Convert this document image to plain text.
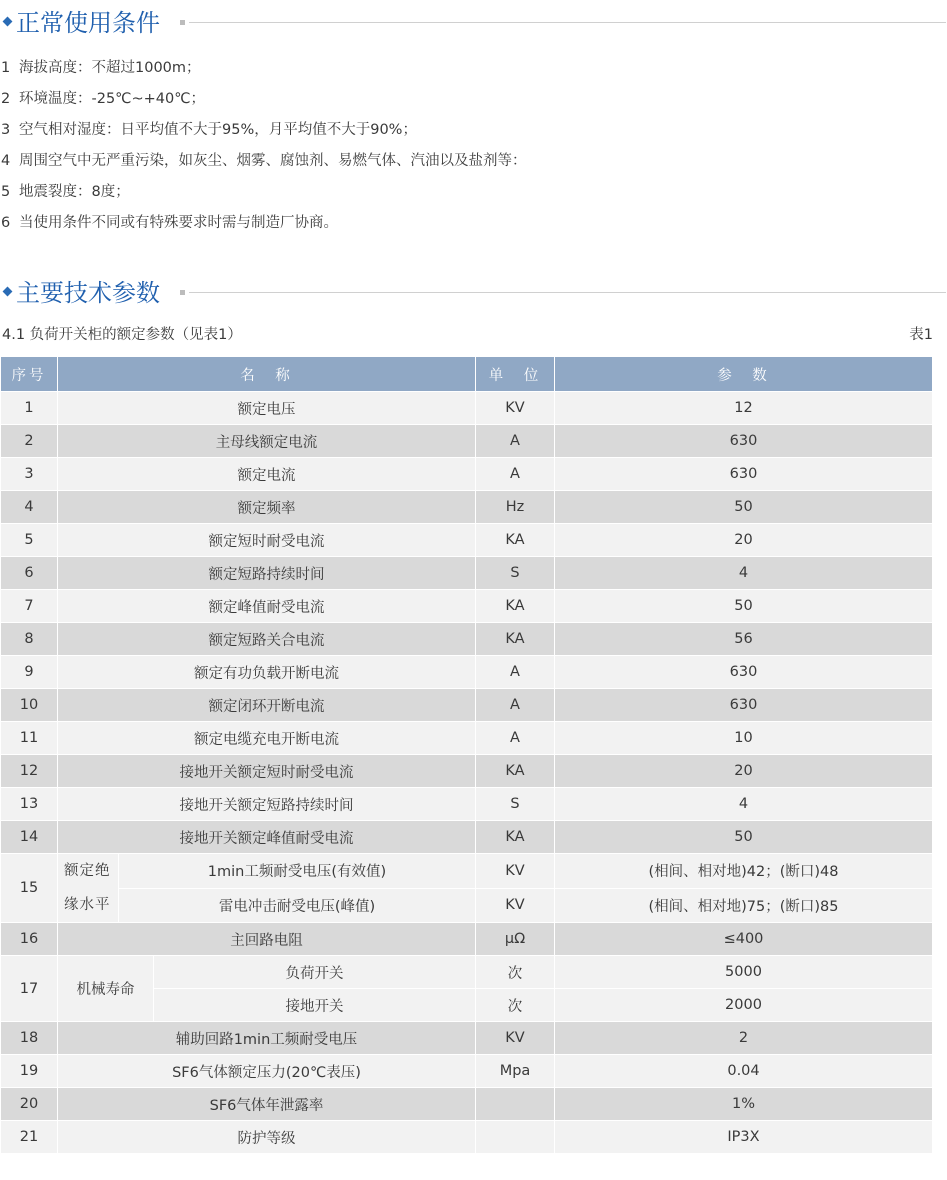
正常使用条件
1 海拔高度：不超过1000m；
2 环境温度：-25℃~+40℃；
3 空气相对湿度：日平均值不大于95%，月平均值不大于90%；
4 周围空气中无严重污染，如灰尘、烟雾、腐蚀剂、易燃气体、汽油以及盐剂等：
5 地震裂度：8度；
6 当使用条件不同或有特殊要求时需与制造厂协商。
主要技术参数
4.1 负荷开关柜的额定参数（见表1）	表1
序号	名　称			单　位	参　数
1	额定电压			KV	12
2	主母线额定电流			A	630
3	额定电流			A	630
4	额定频率			Hz	50
5	额定短时耐受电流			KA	20
6	额定短路持续时间			S	4
7	额定峰值耐受电流			KA	50
8	额定短路关合电流			KA	56
9	额定有功负载开断电流			A	630
10	额定闭环开断电流			A	630
11	额定电缆充电开断电流			A	10
12	接地开关额定短时耐受电流			KA	20
13	接地开关额定短路持续时间			S	4
14	接地开关额定峰值耐受电流			KA	50
15	额定绝缘水平	1min工频耐受电压(有效值)		KV	(相间、相对地)42；(断口)48
		雷电冲击耐受电压(峰值)		KV	(相间、相对地)75；(断口)85
16	主回路电阻			μΩ	≤400
17	机械寿命		负荷开关	次	5000
			接地开关	次	2000
18	辅助回路1min工频耐受电压			KV	2
19	SF6气体额定压力(20℃表压)			Mpa	0.04
20	SF6气体年泄露率				1%
21	防护等级				IP3X
